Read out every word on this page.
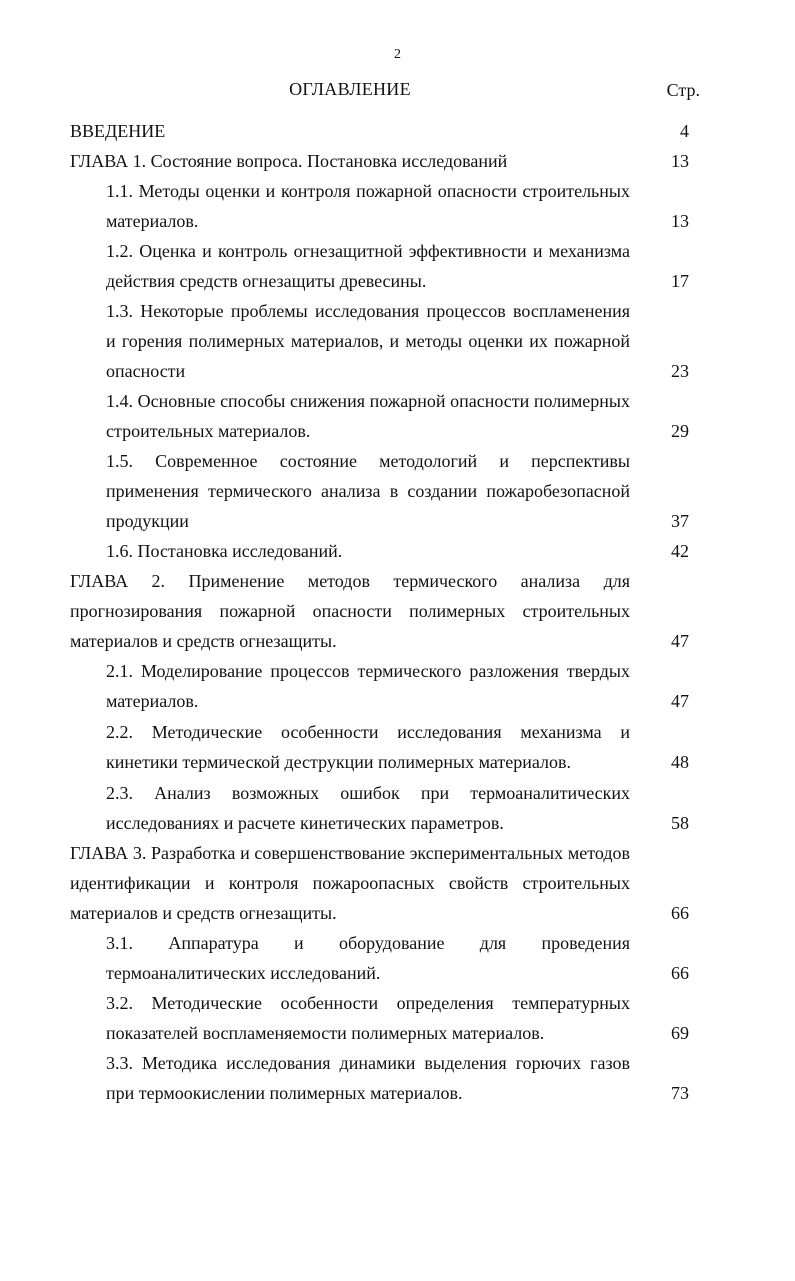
2
ОГЛАВЛЕНИЕ	Стр.

ВВЕДЕНИЕ	4

ГЛАВА 1. Состояние вопроса. Постановка исследований	13

1.1. Методы оценки и контроля пожарной опасности строительных материалов.	13

1.2. Оценка и контроль огнезащитной эффективности и механизма действия средств огнезащиты древесины.	17

1.3. Некоторые проблемы исследования процессов воспламенения и горения полимерных материалов, и методы оценки их пожарной опасности	23

1.4. Основные способы снижения пожарной опасности полимерных строительных материалов.	29

1.5. Современное состояние методологий и перспективы применения термического анализа в создании пожаробезопасной продукции	37

1.6. Постановка исследований.	42

ГЛАВА 2. Применение методов термического анализа для прогнозирования пожарной опасности полимерных строительных материалов и средств огнезащиты.	47

2.1. Моделирование процессов термического разложения твердых материалов.	47

2.2. Методические особенности исследования механизма и кинетики термической деструкции полимерных материалов.	48

2.3. Анализ возможных ошибок при термоаналитических исследованиях и расчете кинетических параметров.	58

ГЛАВА 3. Разработка и совершенствование экспериментальных методов идентификации и контроля пожароопасных свойств строительных материалов и средств огнезащиты.	66

3.1. Аппаратура и оборудование для проведения термоаналитических исследований.	66

3.2. Методические особенности определения температурных показателей воспламеняемости полимерных материалов.	69

3.3. Методика исследования динамики выделения горючих газов при термоокислении полимерных материалов.	73
